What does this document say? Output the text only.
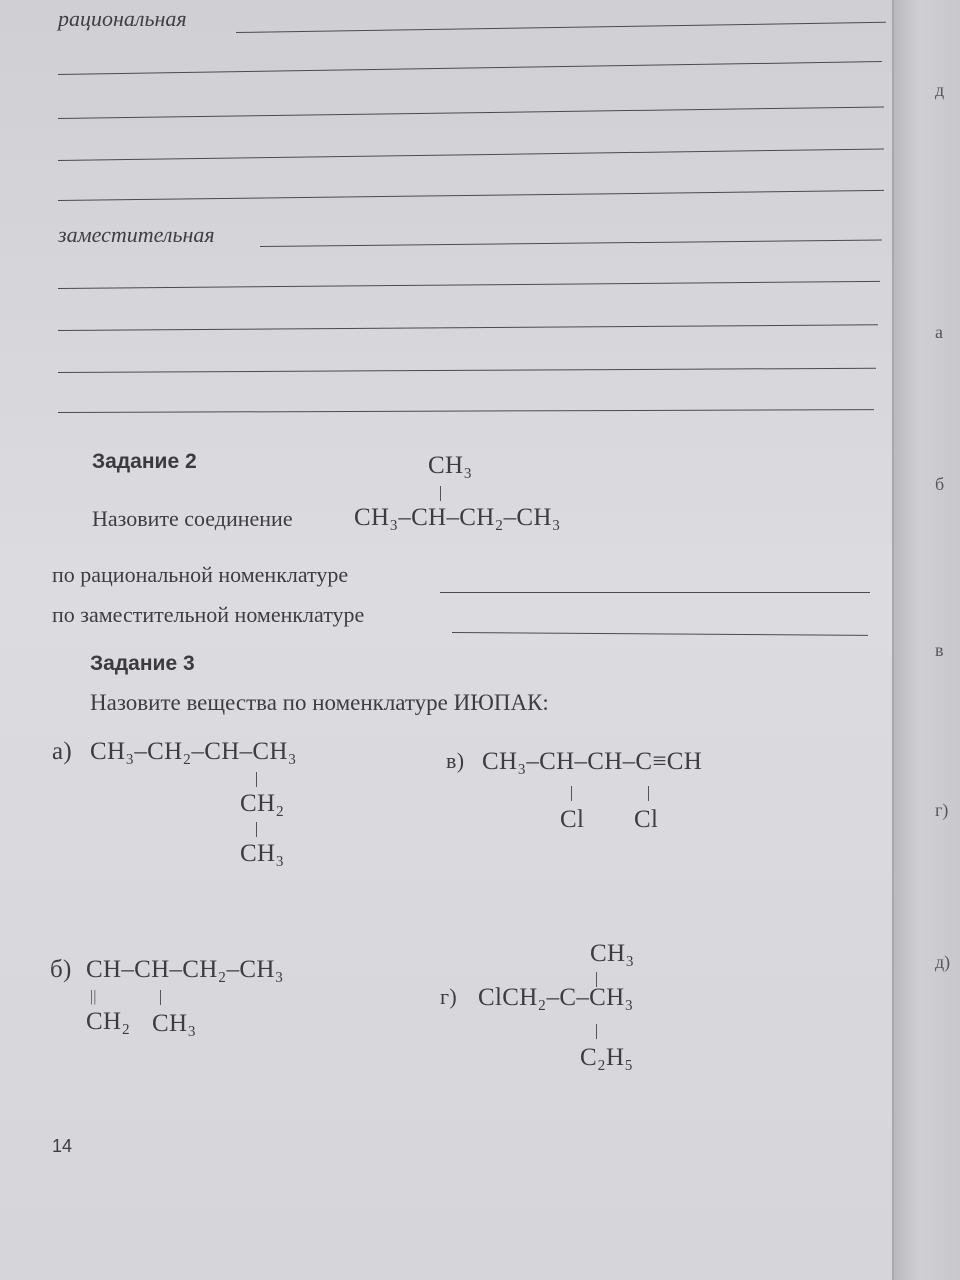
рациональная
заместительная
Задание 2	CH₃
Назовите соединение CH₃–CH–CH₂–CH₃
по рациональной номенклатуре
по заместительной номенклатуре
Задание 3
Назовите вещества по номенклатуре ИЮПАК:
а) CH₃–CH₂–CH–CH₃
CH₂
CH₃
в) CH₃–CH–CH–C≡CH
Cl Cl
б) CH–CH–CH₂–CH₃
||
CH₂ CH₃
CH₃
г) ClCH₂–C–CH₃
C₂H₅
14
д
а
б
в
г)
д)
